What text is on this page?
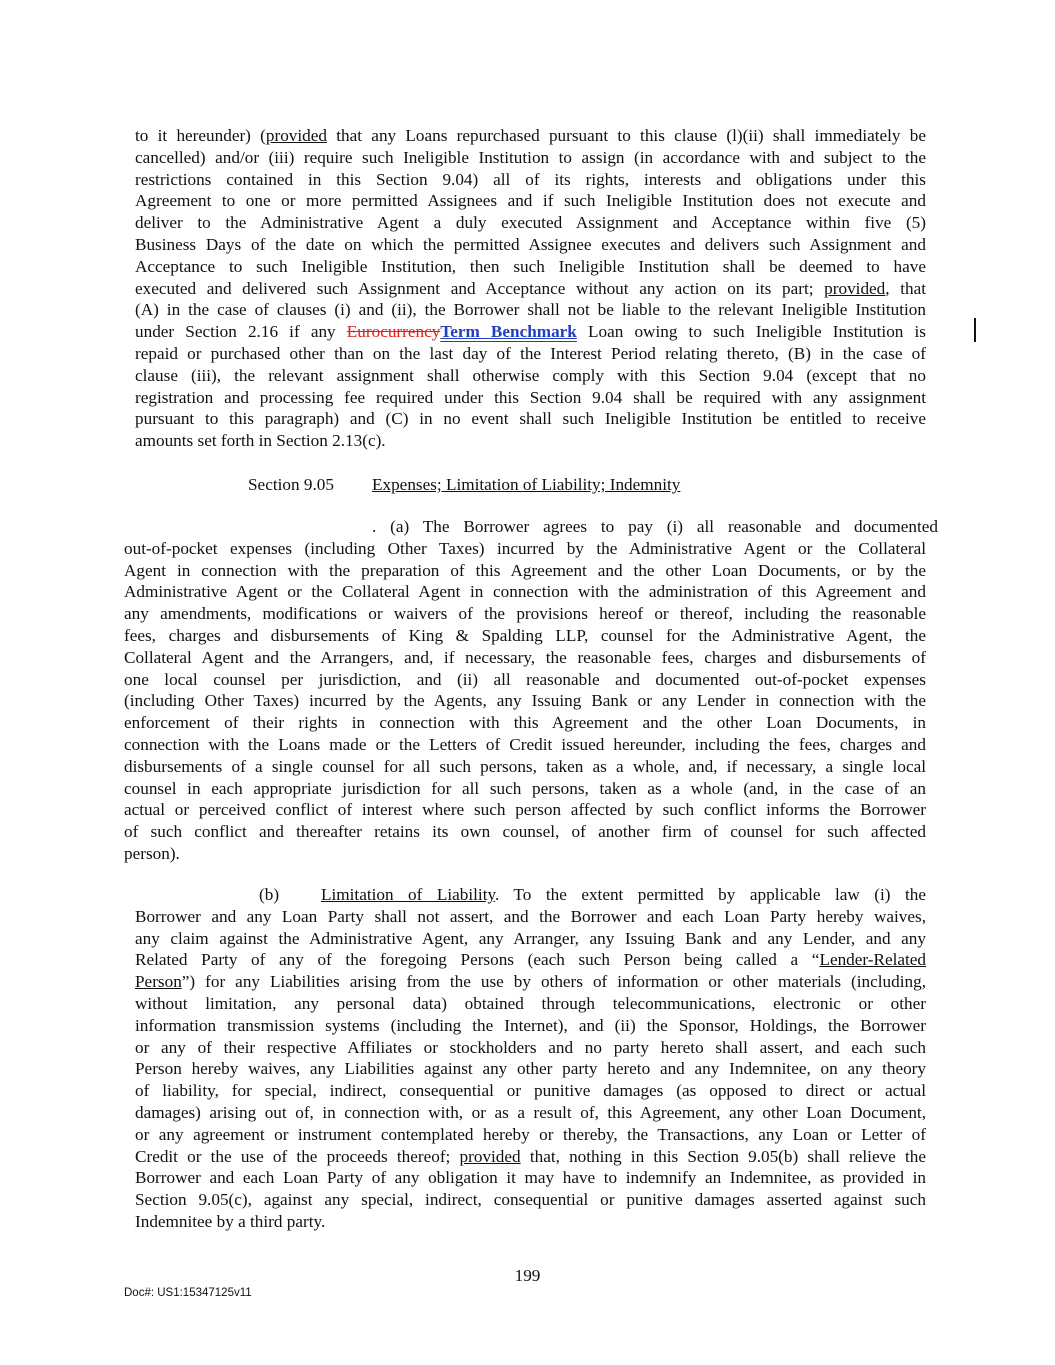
to it hereunder) (provided that any Loans repurchased pursuant to this clause (l)(ii) shall immediately be
cancelled) and/or (iii) require such Ineligible Institution to assign (in accordance with and subject to the
restrictions contained in this Section 9.04) all of its rights, interests and obligations under this
Agreement to one or more permitted Assignees and if such Ineligible Institution does not execute and
deliver to the Administrative Agent a duly executed Assignment and Acceptance within five (5)
Business Days of the date on which the permitted Assignee executes and delivers such Assignment and
Acceptance to such Ineligible Institution, then such Ineligible Institution shall be deemed to have
executed and delivered such Assignment and Acceptance without any action on its part; provided, that
(A) in the case of clauses (i) and (ii), the Borrower shall not be liable to the relevant Ineligible Institution
under Section 2.16 if any EurocurrencyTerm Benchmark Loan owing to such Ineligible Institution is
repaid or purchased other than on the last day of the Interest Period relating thereto, (B) in the case of
clause (iii), the relevant assignment shall otherwise comply with this Section 9.04 (except that no
registration and processing fee required under this Section 9.04 shall be required with any assignment
pursuant to this paragraph) and (C) in no event shall such Ineligible Institution be entitled to receive
amounts set forth in Section 2.13(c).
Section 9.05 Expenses; Limitation of Liability; Indemnity
. (a) The Borrower agrees to pay (i) all reasonable and documented
out-of-pocket expenses (including Other Taxes) incurred by the Administrative Agent or the Collateral
Agent in connection with the preparation of this Agreement and the other Loan Documents, or by the
Administrative Agent or the Collateral Agent in connection with the administration of this Agreement and
any amendments, modifications or waivers of the provisions hereof or thereof, including the reasonable
fees, charges and disbursements of King & Spalding LLP, counsel for the Administrative Agent, the
Collateral Agent and the Arrangers, and, if necessary, the reasonable fees, charges and disbursements of
one local counsel per jurisdiction, and (ii) all reasonable and documented out-of-pocket expenses
(including Other Taxes) incurred by the Agents, any Issuing Bank or any Lender in connection with the
enforcement of their rights in connection with this Agreement and the other Loan Documents, in
connection with the Loans made or the Letters of Credit issued hereunder, including the fees, charges and
disbursements of a single counsel for all such persons, taken as a whole, and, if necessary, a single local
counsel in each appropriate jurisdiction for all such persons, taken as a whole (and, in the case of an
actual or perceived conflict of interest where such person affected by such conflict informs the Borrower
of such conflict and thereafter retains its own counsel, of another firm of counsel for such affected
person).
(b) Limitation of Liability. To the extent permitted by applicable law (i) the
Borrower and any Loan Party shall not assert, and the Borrower and each Loan Party hereby waives,
any claim against the Administrative Agent, any Arranger, any Issuing Bank and any Lender, and any
Related Party of any of the foregoing Persons (each such Person being called a “Lender-Related
Person”) for any Liabilities arising from the use by others of information or other materials (including,
without limitation, any personal data) obtained through telecommunications, electronic or other
information transmission systems (including the Internet), and (ii) the Sponsor, Holdings, the Borrower
or any of their respective Affiliates or stockholders and no party hereto shall assert, and each such
Person hereby waives, any Liabilities against any other party hereto and any Indemnitee, on any theory
of liability, for special, indirect, consequential or punitive damages (as opposed to direct or actual
damages) arising out of, in connection with, or as a result of, this Agreement, any other Loan Document,
or any agreement or instrument contemplated hereby or thereby, the Transactions, any Loan or Letter of
Credit or the use of the proceeds thereof; provided that, nothing in this Section 9.05(b) shall relieve the
Borrower and each Loan Party of any obligation it may have to indemnify an Indemnitee, as provided in
Section 9.05(c), against any special, indirect, consequential or punitive damages asserted against such
Indemnitee by a third party.
199
Doc#: US1:15347125v11
